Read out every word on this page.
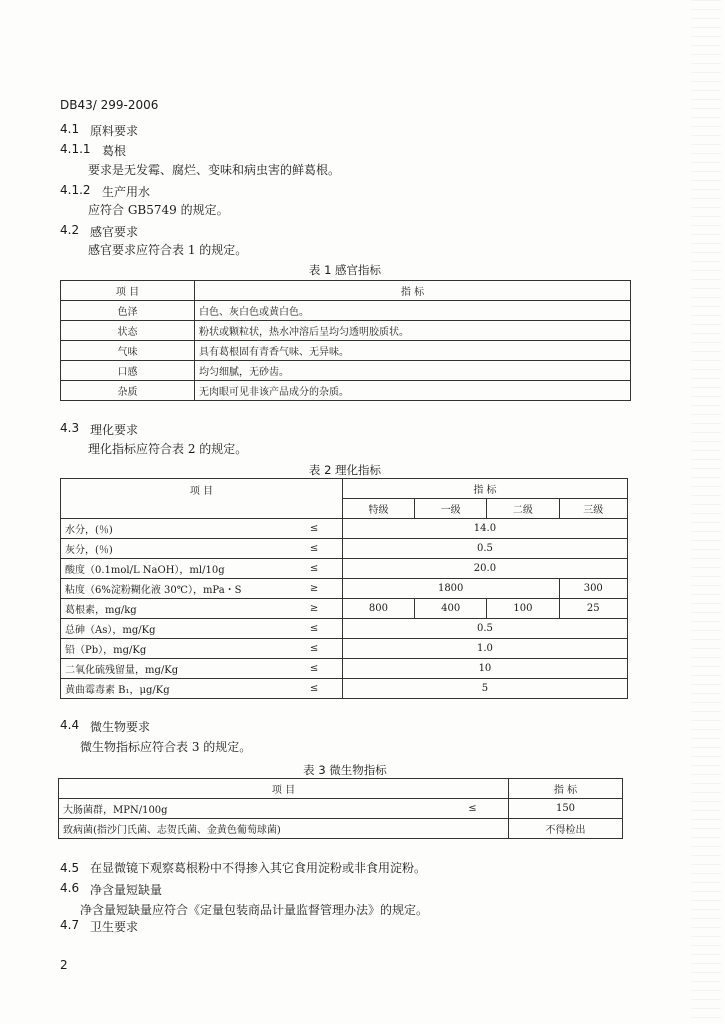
DB43/ 299-2006
4.1 原料要求
4.1.1 葛根
要求是无发霉、腐烂、变味和病虫害的鲜葛根。
4.1.2 生产用水
应符合 GB5749 的规定。
4.2 感官要求
感官要求应符合表 1 的规定。
表 1 感官指标
项 目	指 标
色泽	白色、灰白色或黄白色。
状态	粉状或颗粒状，热水冲溶后呈均匀透明胶质状。
气味	具有葛根固有青香气味、无异味。
口感	均匀细腻，无砂齿。
杂质	无肉眼可见非该产品成分的杂质。
4.3 理化要求
理化指标应符合表 2 的规定。
表 2 理化指标
项 目		指 标			
		特级	一级	二级	三级
水分，(％)	≤	14.0			
灰分，(％)	≤	0.5			
酸度（0.1mol/L NaOH），ml/10g	≤	20.0			
粘度（6%淀粉糊化液 30℃），mPa・S	≥	1800			300
葛根素，mg/kg	≥	800	400	100	25
总砷（As），mg/Kg	≤	0.5			
铅（Pb），mg/Kg	≤	1.0			
二氧化硫残留量，mg/Kg	≤	10			
黄曲霉毒素 B₁，μg/Kg	≤	5			
4.4 微生物要求
微生物指标应符合表 3 的规定。
表 3 微生物指标
项 目		指 标
大肠菌群，MPN/100g	≤	150
致病菌(指沙门氏菌、志贺氏菌、金黄色葡萄球菌)		不得检出
4.5 在显微镜下观察葛根粉中不得掺入其它食用淀粉或非食用淀粉。
4.6 净含量短缺量
净含量短缺量应符合《定量包装商品计量监督管理办法》的规定。
4.7 卫生要求
2
